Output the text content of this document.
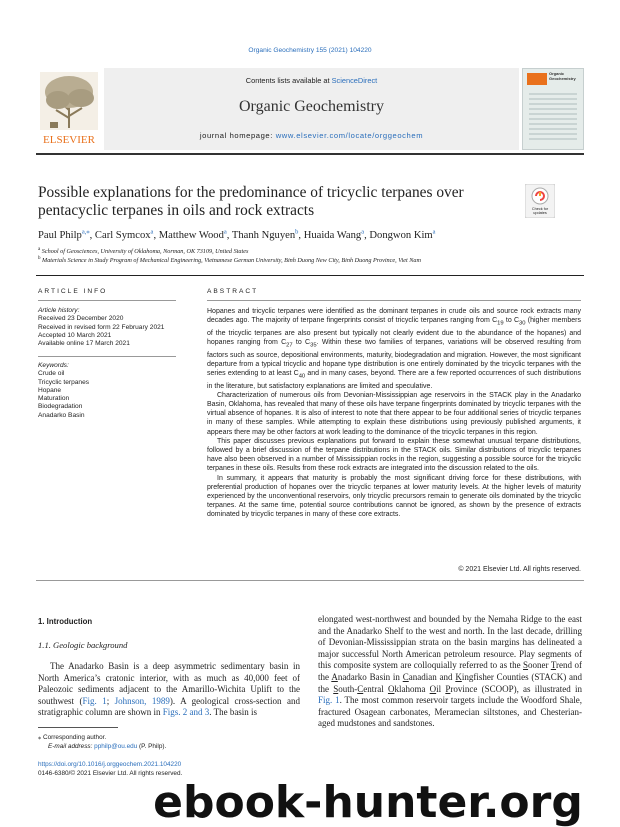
Organic Geochemistry 155 (2021) 104220
ELSEVIER
Contents lists available at ScienceDirect
Organic Geochemistry
journal homepage: www.elsevier.com/locate/orggeochem
Organic Geochemistry
Possible explanations for the predominance of tricyclic terpanes over pentacyclic terpanes in oils and rock extracts	Check for updates
Paul Philp$^{a,⁎}$, Carl Symcox$^a$, Matthew Wood$^a$, Thanh Nguyen$^b$, Huaida Wang$^a$, Dongwon Kim$^a$
$^a$ School of Geosciences, University of Oklahoma, Norman, OK 73109, United States
$^b$ Materials Science in Study Program of Mechanical Engineering, Vietnamese German University, Binh Duong New City, Binh Duong Province, Viet Nam
ARTICLE INFO
Article history:
Received 23 December 2020
Received in revised form 22 February 2021
Accepted 10 March 2021
Available online 17 March 2021
Keywords:
Crude oil
Tricyclic terpanes
Hopane
Maturation
Biodegradation
Anadarko Basin
ABSTRACT

Hopanes and tricyclic terpanes were identified as the dominant terpanes in crude oils and source rock extracts many decades ago. The majority of terpane fingerprints consist of tricyclic terpanes ranging from $C_{19}$ to $C_{30}$ (higher members of the tricyclic terpanes are also present but typically not clearly evident due to the abundance of the hopanes) and hopanes ranging from $C_{27}$ to $C_{35}$. Within these two families of terpanes, variations will be observed resulting from factors such as source, depositional environments, maturity, biodegradation and migration. However, the most significant departure from a typical tricyclic and hopane type distribution is one entirely dominated by the tricyclic terpanes with the series extending to at least $C_{40}$ and in many cases, beyond. There are a few reported occurrences of such distributions in the literature, but satisfactory explanations are limited and speculative.

Characterization of numerous oils from Devonian-Mississippian age reservoirs in the STACK play in the Anadarko Basin, Oklahoma, has revealed that many of these oils have terpane fingerprints dominated by tricyclic terpanes with the virtual absence of hopanes. It is also of interest to note that there appear to be four additional series of tricyclic terpanes in many of these samples. While attempting to explain these distributions using previously published arguments, it appears there may be other factors at work leading to the dominance of the tricyclic terpanes in this region.

This paper discusses previous explanations put forward to explain these somewhat unusual terpane distributions, followed by a brief discussion of the terpane distributions in the STACK oils. Similar distributions of tricyclic terpanes have also been observed in a number of Mississippian rocks in the region, suggesting a possible source for the tricyclic terpanes in these oils. Results from these rock extracts are integrated into the discussion related to the oils.

In summary, it appears that maturity is probably the most significant driving force for these distributions, with preferential production of hopanes over the tricyclic terpanes at lower maturity levels. At the higher levels of maturity experienced by the unconventional reservoirs, only tricyclic precursors remain to generate oils dominated by the tricyclic terpanes. At the same time, potential source contributions cannot be ignored, as shown by the presence of extracts dominated by tricyclic terpanes in many of these core extracts.

© 2021 Elsevier Ltd. All rights reserved.
1. Introduction
1.1. Geologic background

The Anadarko Basin is a deep asymmetric sedimentary basin in North America’s cratonic interior, with as much as 40,000 feet of Paleozoic sediments adjacent to the Amarillo-Wichita Uplift to the southwest (Fig. 1; Johnson, 1989). A geological cross-section and stratigraphic column are shown in Figs. 2 and 3. The basin is

elongated west-northwest and bounded by the Nemaha Ridge to the east and the Anadarko Shelf to the west and north. In the last decade, drilling of Devonian-Mississippian strata on the basin margins has delineated a major successful North American petroleum resource. Play segments of this composite system are colloquially referred to as the Sooner Trend of the Anadarko Basin in Canadian and Kingfisher Counties (STACK) and the South-Central Oklahoma Oil Province (SCOOP), as illustrated in Fig. 1. The most common reservoir targets include the Woodford Shale, fractured Osagean carbonates, Meramecian siltstones, and Chesterian-aged mudstones and sandstones.

⁎ Corresponding author.
E-mail address: pphilp@ou.edu (P. Philp).
https://doi.org/10.1016/j.orggeochem.2021.104220
0146-6380/© 2021 Elsevier Ltd. All rights reserved.
ebook-hunter.org
